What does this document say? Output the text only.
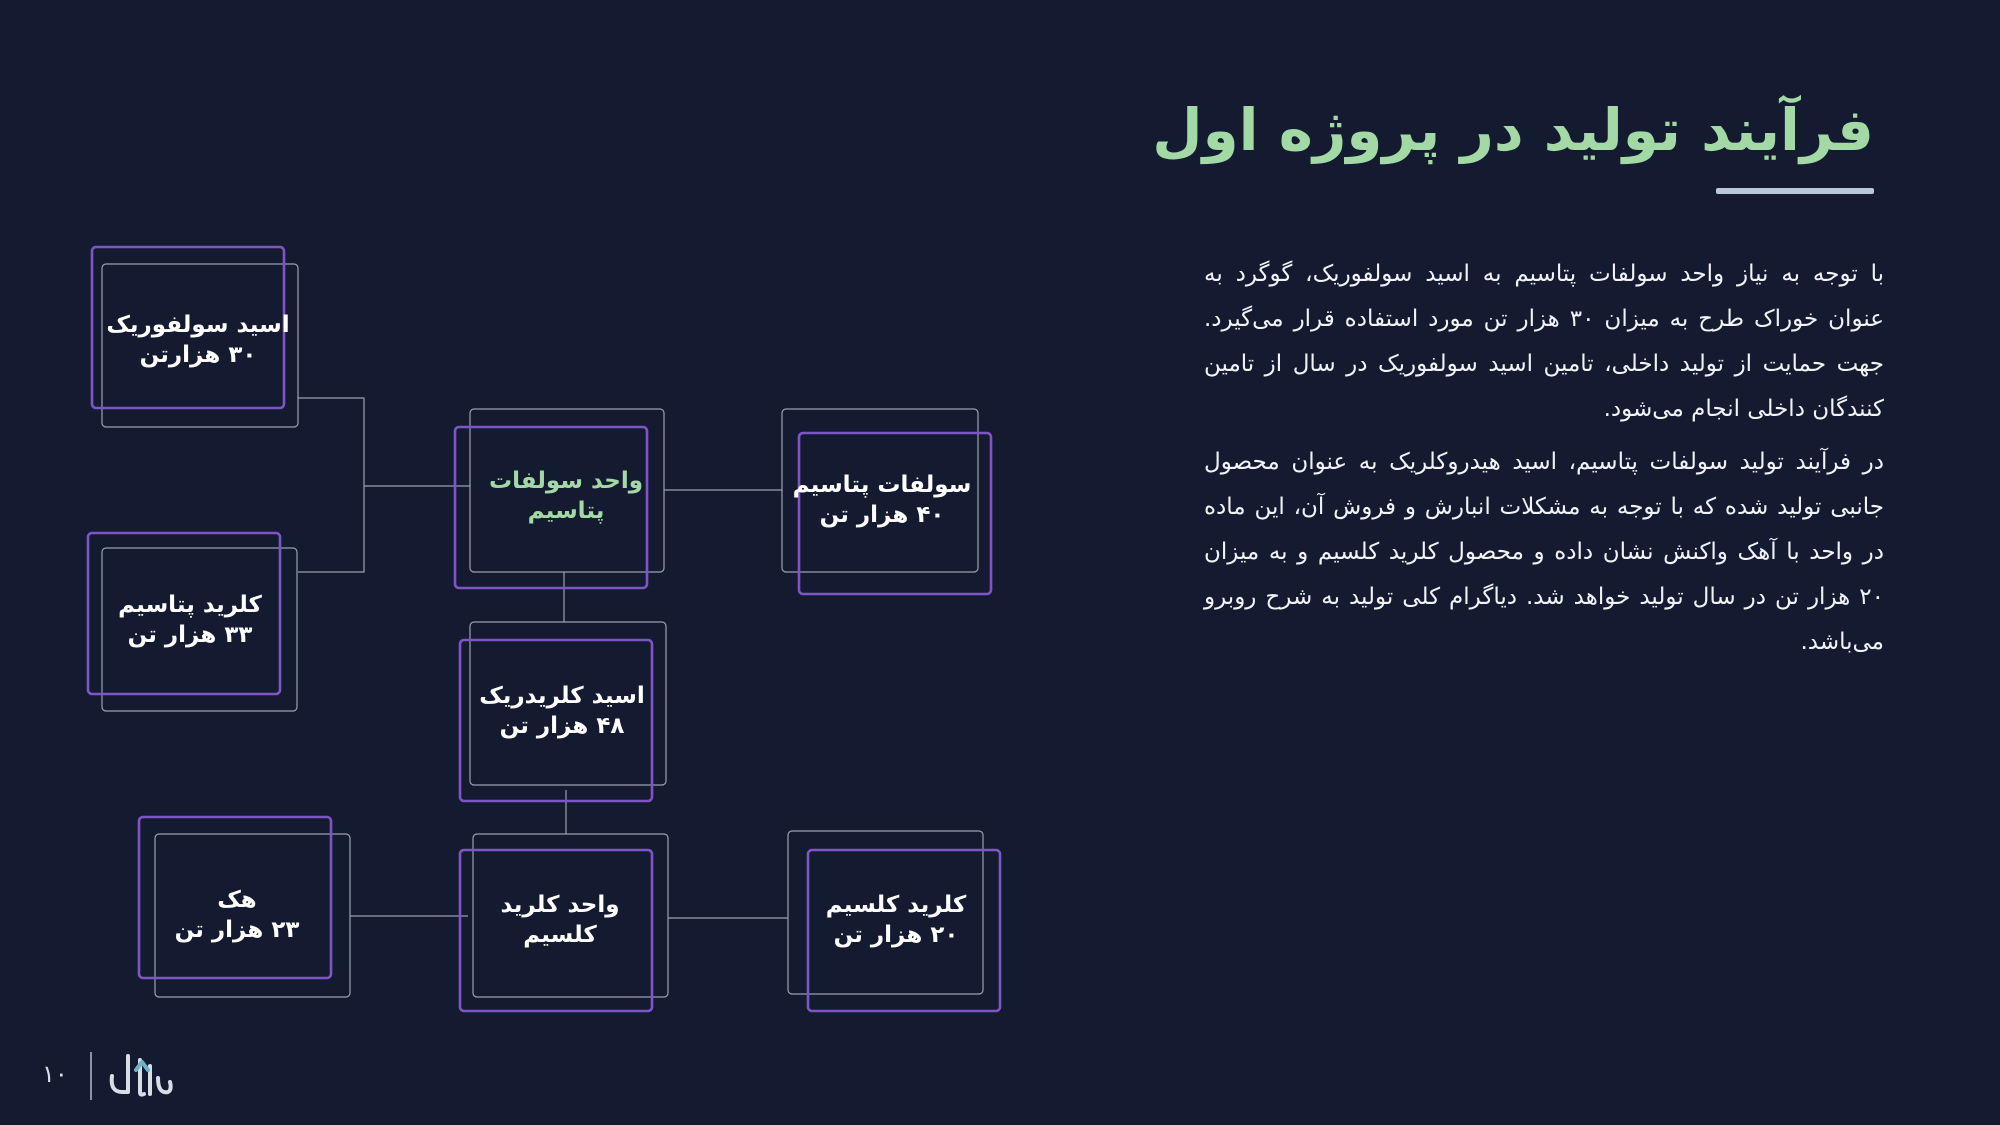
فرآیند تولید در پروژه اول

با توجه به نیاز واحد سولفات پتاسیم به اسید سولفوریک، گوگرد به عنوان خوراک طرح به میزان ۳۰ هزار تن مورد استفاده قرار می‌گیرد. جهت حمایت از تولید داخلی، تامین اسید سولفوریک در سال از تامین کنندگان داخلی انجام می‌شود.

در فرآیند تولید سولفات پتاسیم، اسید هیدروکلریک به عنوان محصول جانبی تولید شده که با توجه به مشکلات انبارش و فروش آن، این ماده در واحد با آهک واکنش نشان داده و محصول کلرید کلسیم و به میزان ۲۰ هزار تن در سال تولید خواهد شد. دیاگرام کلی تولید به شرح روبرو می‌باشد.

اسید سولفوریک
۳۰ هزارتن
کلرید پتاسیم
۳۳ هزار تن
واحد سولفات
پتاسیم
سولفات پتاسیم
۴۰ هزار تن
اسید کلریدریک
۴۸ هزار تن
هک
۲۳ هزار تن
واحد کلرید
کلسیم
کلرید کلسیم
۲۰ هزار تن
۱۰
